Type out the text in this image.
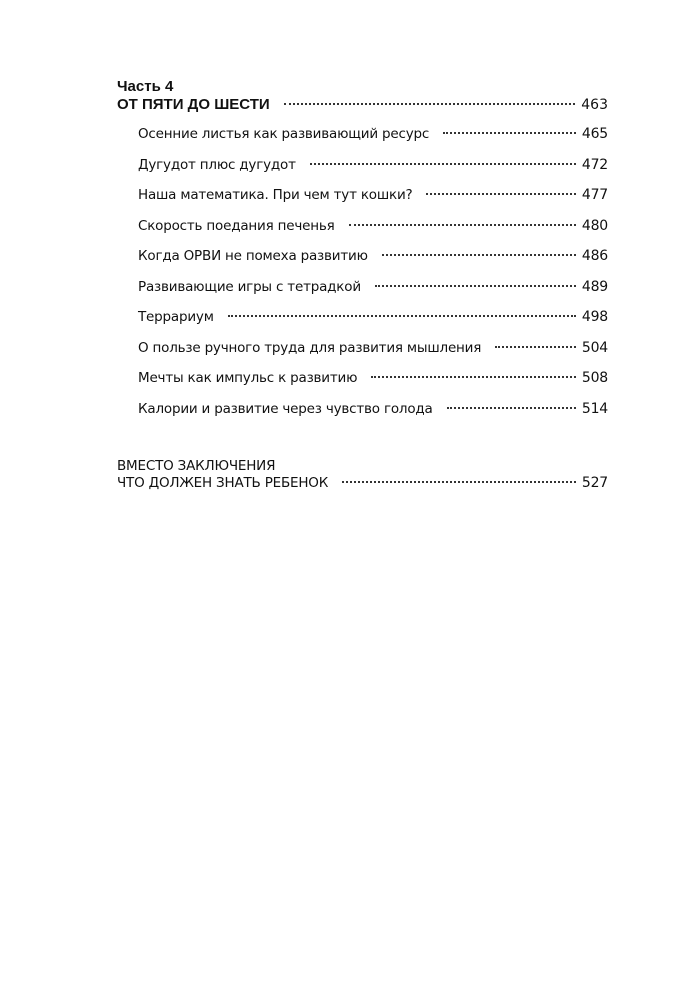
Часть 4

ОТ ПЯТИ ДО ШЕСТИ	463
Осенние листья как развивающий ресурс	465
Дугудот плюс дугудот	472
Наша математика. При чем тут кошки?	477
Скорость поедания печенья	480
Когда ОРВИ не помеха развитию	486
Развивающие игры с тетрадкой	489
Террариум	498
О пользе ручного труда для развития мышления	504
Мечты как импульс к развитию	508
Калории и развитие через чувство голода	514

ВМЕСТО ЗАКЛЮЧЕНИЯ

ЧТО ДОЛЖЕН ЗНАТЬ РЕБЕНОК	527
